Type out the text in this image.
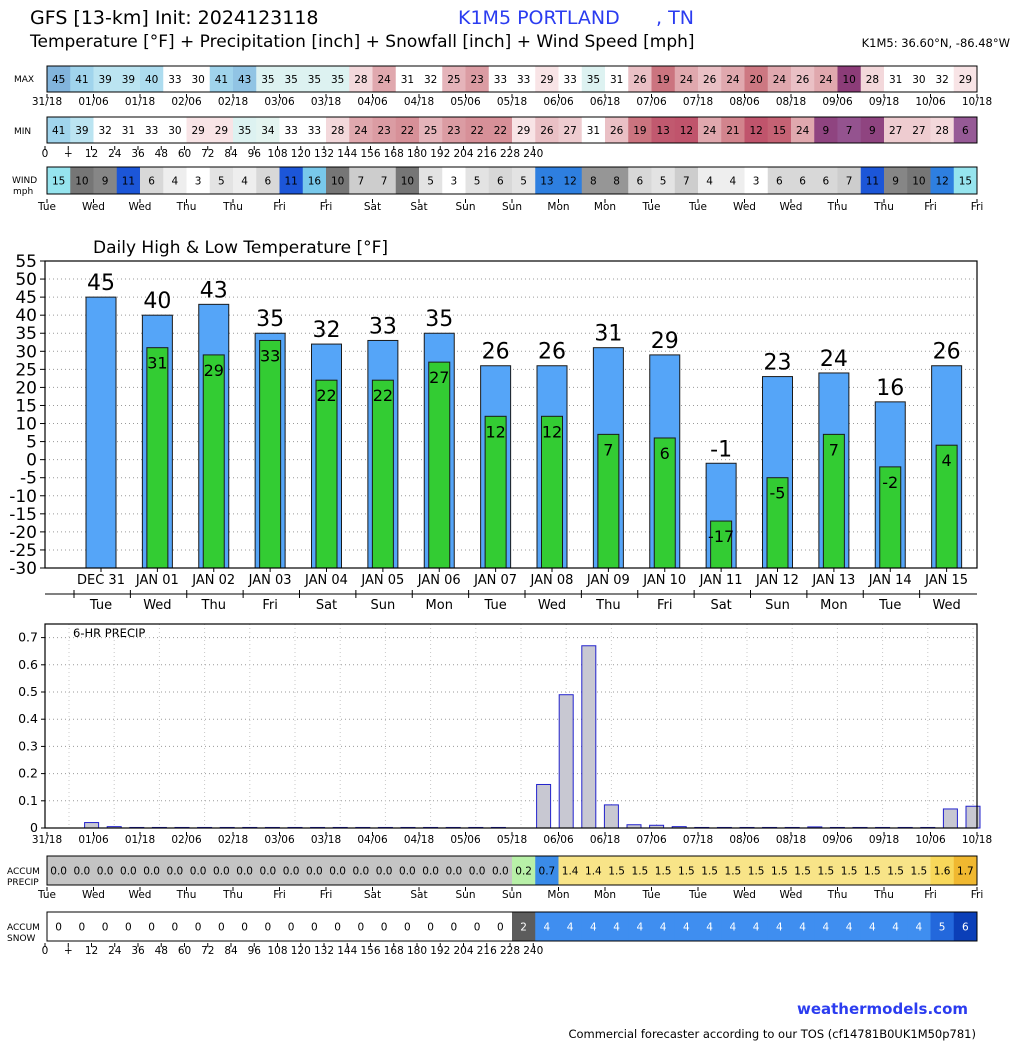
GFS [13-km] Init: 2024123118	K1M5 PORTLAND      , TN
Temperature [°F] + Precipitation [inch] + Snowfall [inch] + Wind Speed [mph]	K1M5: 36.60°N, -86.48°W
MAX 45 41 39 39 40 33 30 41 43 35 35 35 35 28 24 31 32 25 23 33 33 29 33 35 31 26 19 24 26 24 20 24 26 24 10 28 31 30 32 29
31/18 01/06 01/18 02/06 02/18 03/06 03/18 04/06 04/18 05/06 05/18 06/06 06/18 07/06 07/18 08/06 08/18 09/06 09/18 10/06 10/18
MIN 41 39 32 31 33 30 29 29 35 34 33 33 28 24 23 22 25 23 22 22 29 26 27 31 26 19 13 12 24 21 12 15 24 9 7 9 27 27 28 6
0 + 12 24 36 48 60 72 84 96 108 120 132 144 156 168 180 192 204 216 228 240
WIND
mph
15 10 9 11 6 4 3 5 4 6 11 16 10 7 7 10 5 3 5 6 5 13 12 8 8 6 5 7 4 4 3 6 6 6 7 11 9 10 12 15
Tue Wed Wed Thu	Thu	Fri	Fri	Sat	Sat	Sun	Sun Mon Mon	Tue	Tue Wed Wed Thu	Thu	Fri	Fri
Daily High & Low Temperature [°F]
55
50
45
40
35
30
25
20
15
10
5
0
-5
-10
-15
-20
-25
-30
45
DEC 31
Tue
40
31
JAN 01
Wed
43
29
JAN 02
Thu
35
33
JAN 03
Fri
32
22
JAN 04
Sat
33
22
JAN 05
Sun
35
27
JAN 06
Mon
26
12
JAN 07
Tue
26
12
JAN 08
Wed
31
7
JAN 09
Thu
29
6
JAN 10
Fri
-1
-17
JAN 11
Sat
23
-5
JAN 12
Sun
24
7
JAN 13
Mon
16
-2
JAN 14
Tue
26
4
JAN 15
Wed
6-HR PRECIP
0.7
0.6
0.5
0.4
0.3
0.2
0.1
0
31/18 01/06 01/18 02/06 02/18 03/06 03/18 04/06 04/18 05/06 05/18 06/06 06/18 07/06 07/18 08/06 08/18 09/06 09/18 10/06 10/18
ACCUM
PRECIP
0.0 0.0 0.0 0.0 0.0 0.0 0.0 0.0 0.0 0.0 0.0 0.0 0.0 0.0 0.0 0.0 0.0 0.0 0.0 0.0 0.2 0.7 1.4 1.4 1.5 1.5 1.5 1.5 1.5 1.5 1.5 1.5 1.5 1.5 1.5 1.5 1.5 1.5 1.6 1.7
Tue Wed Wed Thu	Thu	Fri	Fri	Sat	Sat	Sun	Sun Mon Mon	Tue	Tue Wed Wed Thu	Thu	Fri	Fri
ACCUM
SNOW
0 0 0 0 0 0 0 0 0 0 0 0 0 0 0 0 0 0 0 0 2 4 4 4 4 4 4 4 4 4 4 4 4 4 4 4 4 4 5 6
0 + 12 24 36 48 60 72 84 96 108 120 132 144 156 168 180 192 204 216 228 240
weathermodels.com
Commercial forecaster according to our TOS (cf14781B0UK1M50p781)
